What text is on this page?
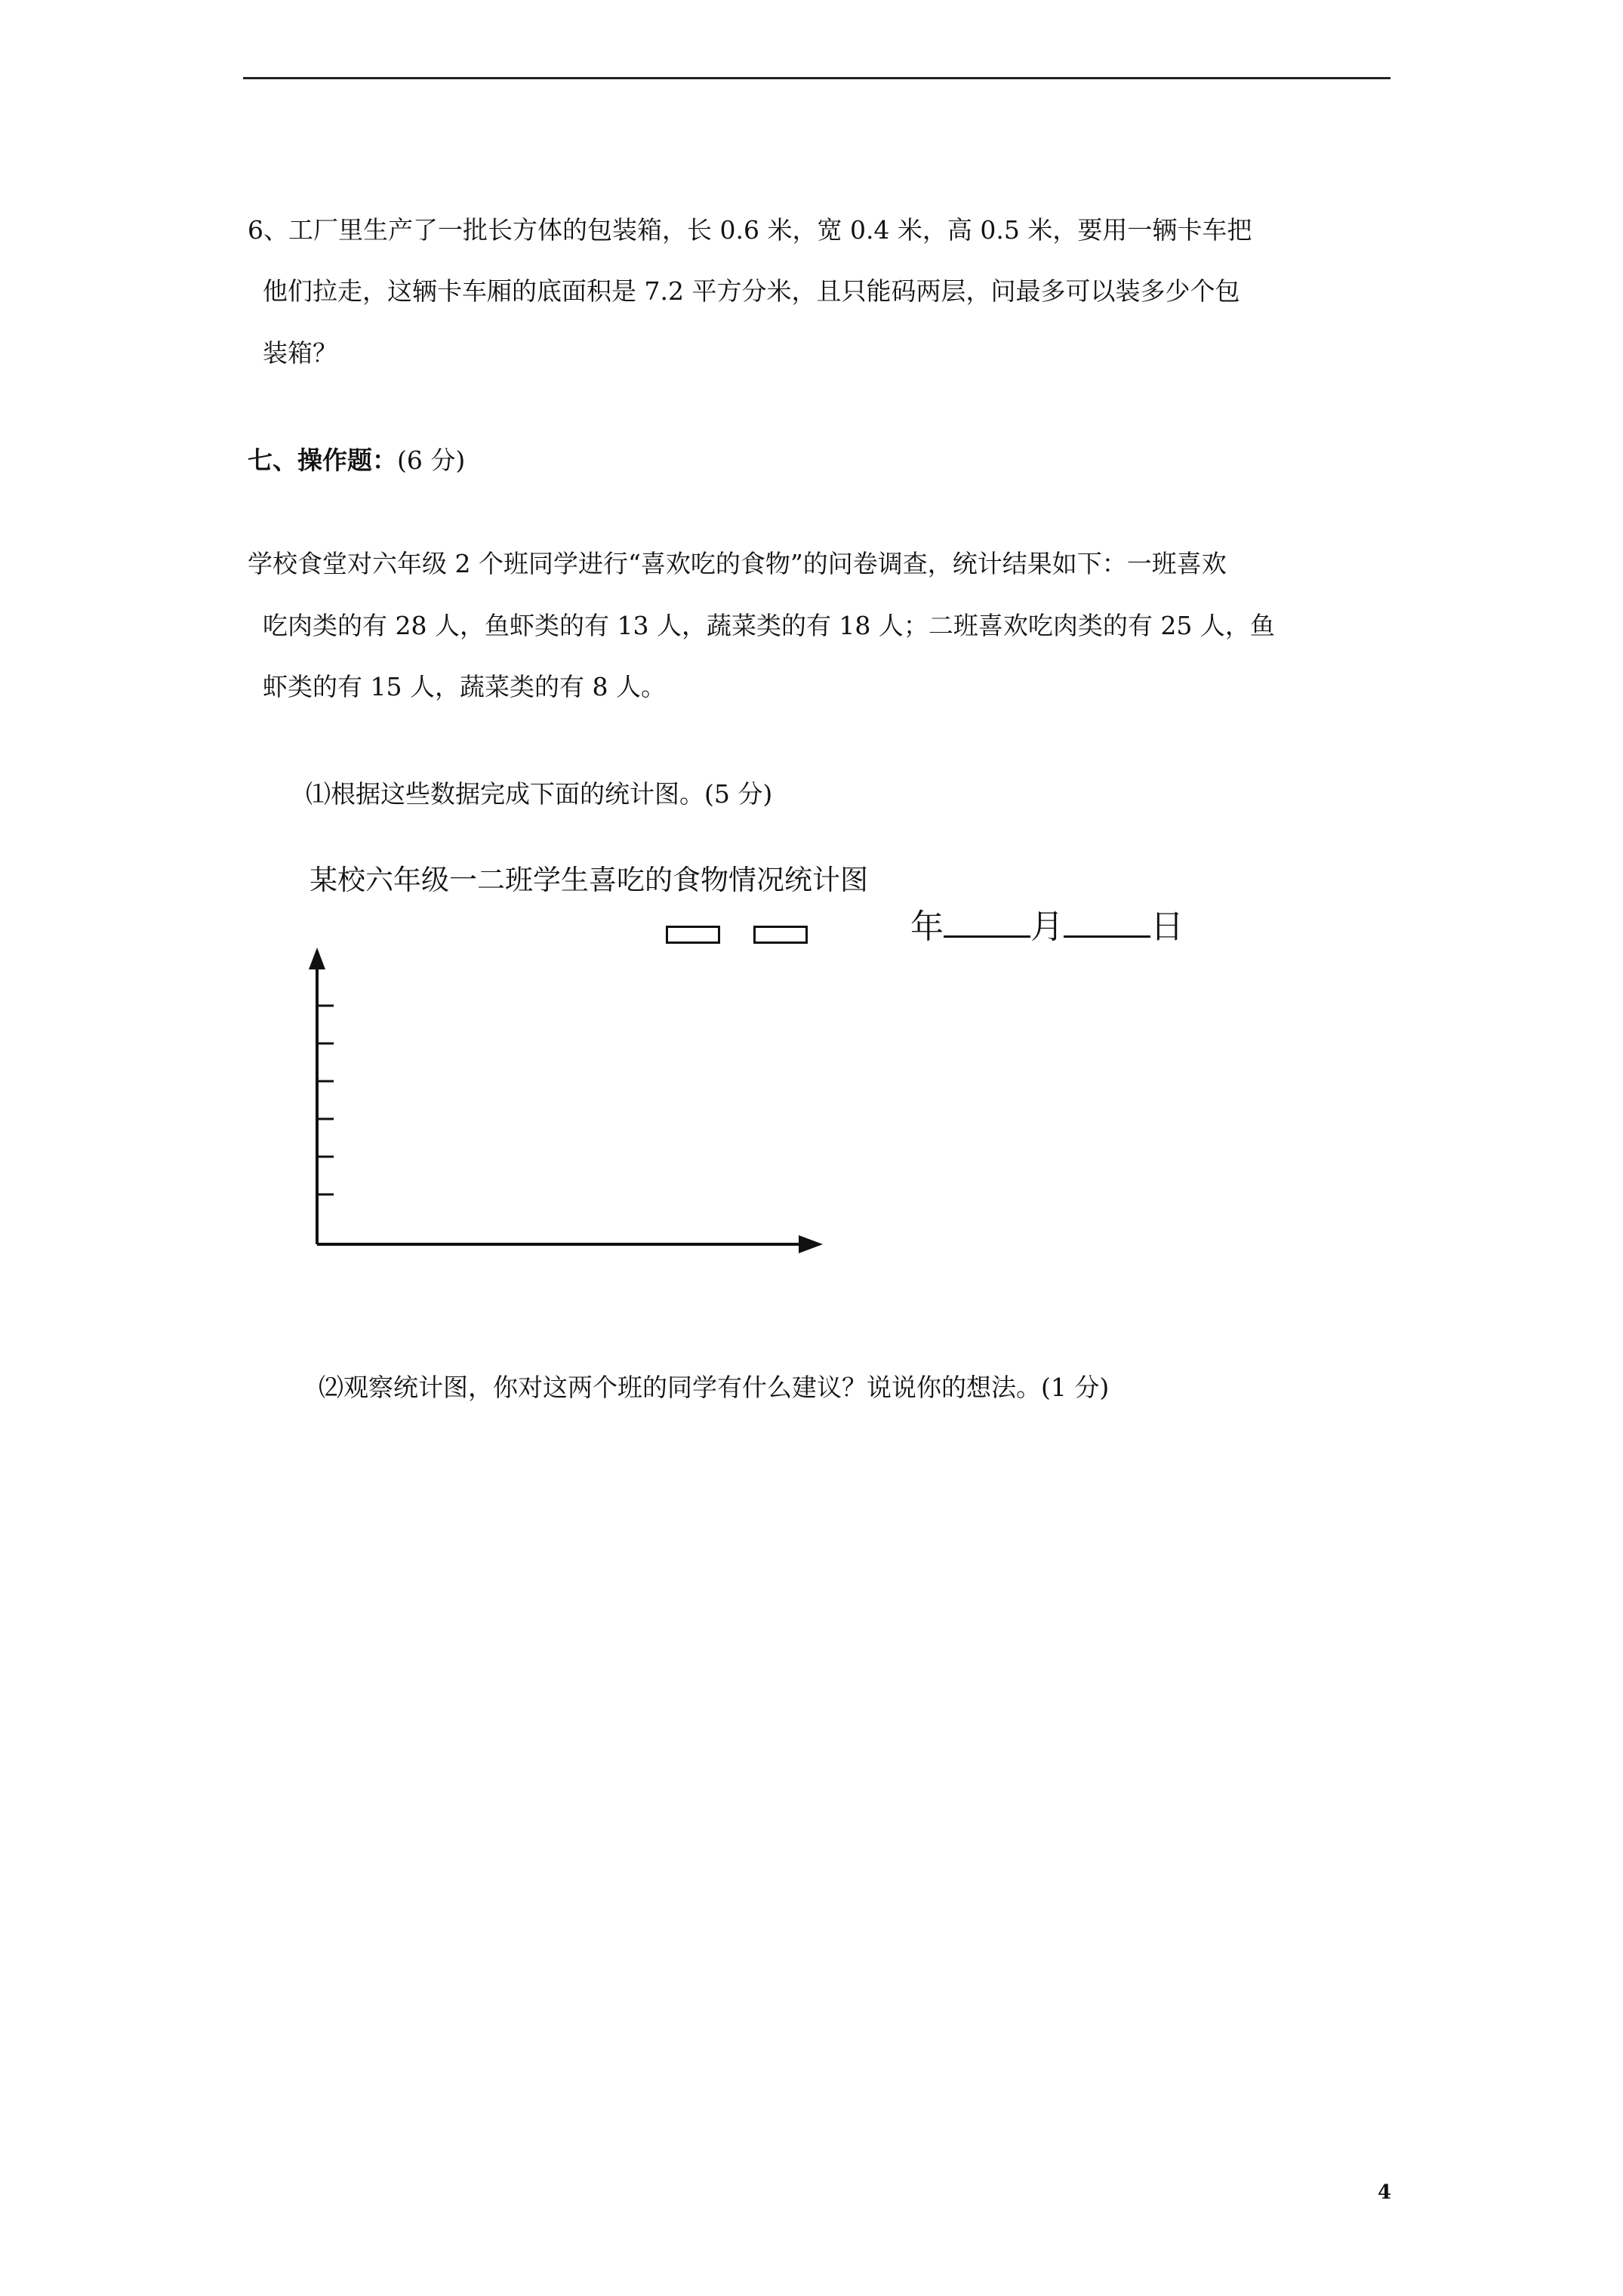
6、工厂里生产了一批长方体的包装箱，长 0.6 米，宽 0.4 米，高 0.5 米，要用一辆卡车把
他们拉走，这辆卡车厢的底面积是 7.2 平方分米，且只能码两层，问最多可以装多少个包
装箱？
七、操作题：(6 分)
学校食堂对六年级 2 个班同学进行“喜欢吃的食物”的问卷调查，统计结果如下：一班喜欢
吃肉类的有 28 人，鱼虾类的有 13 人，蔬菜类的有 18 人；二班喜欢吃肉类的有 25 人，鱼
虾类的有 15 人，蔬菜类的有 8 人。
⑴根据这些数据完成下面的统计图。(5 分)
某校六年级一二班学生喜吃的食物情况统计图
年	月	日
⑵观察统计图，你对这两个班的同学有什么建议？说说你的想法。(1 分)
4
